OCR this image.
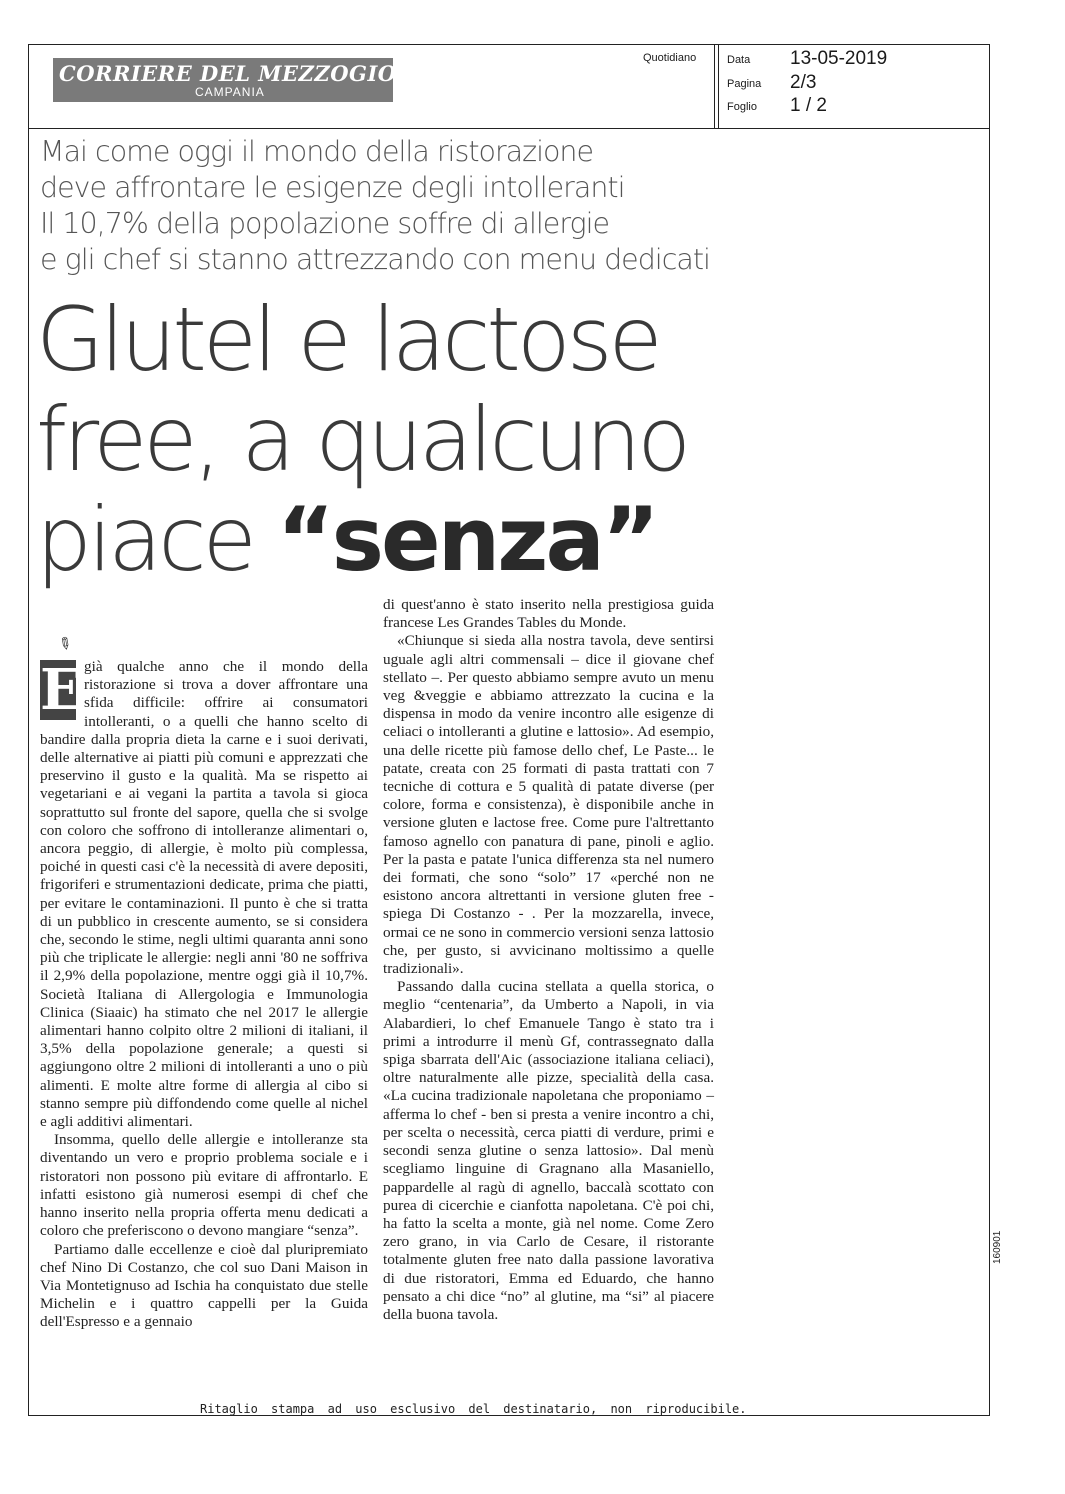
CORRIERE DEL MEZZOGIORNO
CAMPANIA
Quotidiano	Data 13-05-2019
Pagina 2/3
Foglio 1 / 2
Mai come oggi il mondo della ristorazione
deve affrontare le esigenze degli intolleranti
Il 10,7% della popolazione soffre di allergie
e gli chef si stanno attrezzando con menu dedicati
Glutel e lactose
free, a qualcuno
piace “senza”
✎

E già qualche anno che il mondo della ristorazione si trova a dover affrontare una sfida difficile: offrire ai consumatori intolleranti, o a quelli che hanno scelto di bandire dalla propria dieta la carne e i suoi derivati, delle alternative ai piatti più comuni e apprezzati che preservino il gusto e la qualità. Ma se rispetto ai vegetariani e ai vegani la partita a tavola si gioca soprattutto sul fronte del sapore, quella che si svolge con coloro che soffrono di intolleranze alimentari o, ancora peggio, di allergie, è molto più complessa, poiché in questi casi c'è la necessità di avere depositi, frigoriferi e strumentazioni dedicate, prima che piatti, per evitare le contaminazioni. Il punto è che si tratta di un pubblico in crescente aumento, se si considera che, secondo le stime, negli ultimi quaranta anni sono più che triplicate le allergie: negli anni '80 ne soffriva il 2,9% della popolazione, mentre oggi già il 10,7%. Società Italiana di Allergologia e Immunologia Clinica (Siaaic) ha stimato che nel 2017 le allergie alimentari hanno colpito oltre 2 milioni di italiani, il 3,5% della popolazione generale; a questi si aggiungono oltre 2 milioni di intolleranti a uno o più alimenti. E molte altre forme di allergia al cibo si stanno sempre più diffondendo come quelle al nichel e agli additivi alimentari.

Insomma, quello delle allergie e intolleranze sta diventando un vero e proprio problema sociale e i ristoratori non possono più evitare di affrontarlo. E infatti esistono già numerosi esempi di chef che hanno inserito nella propria offerta menu dedicati a coloro che preferiscono o devono mangiare “senza”.

Partiamo dalle eccellenze e cioè dal pluripremiato chef Nino Di Costanzo, che col suo Dani Maison in Via Montetignuso ad Ischia ha conquistato due stelle Michelin e i quattro cappelli per la Guida dell'Espresso e a gennaio

di quest'anno è stato inserito nella prestigiosa guida francese Les Grandes Tables du Monde.

«Chiunque si sieda alla nostra tavola, deve sentirsi uguale agli altri commensali – dice il giovane chef stellato –. Per questo abbiamo sempre avuto un menu veg &veggie e abbiamo attrezzato la cucina e la dispensa in modo da venire incontro alle esigenze di celiaci o intolleranti a glutine e lattosio». Ad esempio, una delle ricette più famose dello chef, Le Paste... le patate, creata con 25 formati di pasta trattati con 7 tecniche di cottura e 5 qualità di patate diverse (per colore, forma e consistenza), è disponibile anche in versione gluten e lactose free. Come pure l'altrettanto famoso agnello con panatura di pane, pinoli e aglio. Per la pasta e patate l'unica differenza sta nel numero dei formati, che sono “solo” 17 «perché non ne esistono ancora altrettanti in versione gluten free - spiega Di Costanzo - . Per la mozzarella, invece, ormai ce ne sono in commercio versioni senza lattosio che, per gusto, si avvicinano moltissimo a quelle tradizionali».

Passando dalla cucina stellata a quella storica, o meglio “centenaria”, da Umberto a Napoli, in via Alabardieri, lo chef Emanuele Tango è stato tra i primi a introdurre il menù Gf, contrassegnato dalla spiga sbarrata dell'Aic (associazione italiana celiaci), oltre naturalmente alle pizze, specialità della casa. «La cucina tradizionale napoletana che proponiamo – afferma lo chef - ben si presta a venire incontro a chi, per scelta o necessità, cerca piatti di verdure, primi e secondi senza glutine o senza lattosio». Dal menù scegliamo linguine di Gragnano alla Masaniello, pappardelle al ragù di agnello, baccalà scottato con purea di cicerchie e cianfotta napoletana. C'è poi chi, ha fatto la scelta a monte, già nel nome. Come Zero zero grano, in via Carlo de Cesare, il ristorante totalmente gluten free nato dalla passione lavorativa di due ristoratori, Emma ed Eduardo, che hanno pensato a chi dice “no” al glutine, ma “si” al piacere della buona tavola.

Ritaglio stampa ad uso esclusivo del destinatario, non riproducibile.
160901
